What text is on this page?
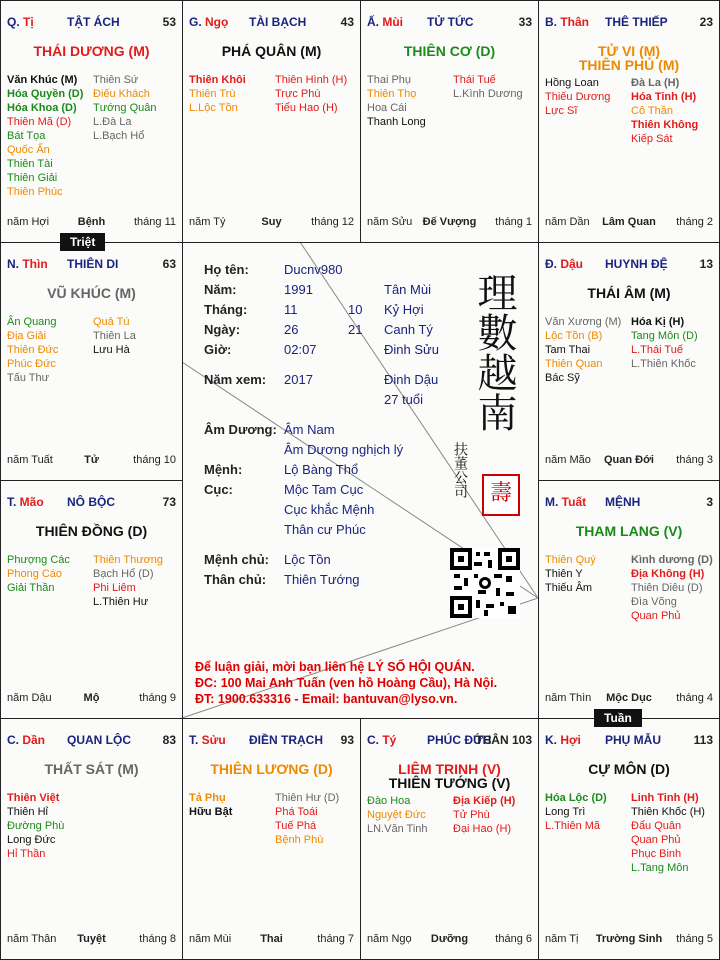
Q. Tị	TẬT ÁCH	53
THÁI DƯƠNG (M)
Văn Khúc (M)
Hóa Quyền (D)
Hóa Khoa (D)
Thiên Mã (D)
Bát Tọa
Quốc Ấn
Thiên Tài
Thiên Giải
Thiên Phúc
Thiên Sứ
Điếu Khách
Tướng Quân
L.Đà La
L.Bạch Hổ
năm Hợi	Bệnh	tháng 11
G. Ngọ TÀI BẠCH	43
PHÁ QUÂN (M)
Thiên Khôi
Thiên Trù
L.Lộc Tồn
Thiên Hình (H)
Trực Phù
Tiểu Hao (H)
năm Tý	Suy	tháng 12
Ấ. Mùi TỬ TỨC	33
THIÊN CƠ (D)
Thai Phụ
Thiên Thọ
Hoa Cái
Thanh Long
Thái Tuế
L.Kình Dương
năm Sửu Đế Vượng	tháng 1
B. Thân THÊ THIẾP	23
TỬ VI (M)
THIÊN PHỦ (M)
Hồng Loan
Thiếu Dương
Lực Sĩ
Đà La (H)
Hóa Tinh (H)
Cô Thần
Thiên Không
Kiếp Sát
năm Dần	Lâm Quan	tháng 2
N. Thìn THIÊN DI	63
VŨ KHÚC (M)
Ân Quang
Địa Giải
Thiên Đức
Phúc Đức
Tấu Thư
Quả Tú
Thiên La
Lưu Hà
năm Tuất	Tử	tháng 10
Đ. Dậu HUYNH ĐỆ	13
THÁI ÂM (M)
Văn Xương (M)
Lộc Tồn (B)
Tam Thai
Thiên Quan
Bác Sỹ
Hóa Kị (H)
Tang Môn (D)
L.Thái Tuế
L.Thiên Khốc
năm Mão	Quan Đới	tháng 3
T. Mão NÔ BỘC	73
THIÊN ĐỒNG (D)
Phượng Các
Phong Cáo
Giải Thần
Thiên Thương
Bạch Hổ (D)
Phi Liêm
L.Thiên Hư
năm Dậu	Mộ	tháng 9
M. Tuất MỆNH	3
THAM LANG (V)
Thiên Quý
Thiên Y
Thiếu Âm
Kình dương (D)
Địa Không (H)
Thiên Diêu (D)
Đìa Võng
Quan Phủ
năm Thìn	Mộc Dục	tháng 4
C. Dần QUAN LỘC	83
THẤT SÁT (M)
Thiên Việt
Thiên Hỉ
Đường Phù
Long Đức
Hỉ Thần
năm Thân	Tuyệt	tháng 8
T. Sửu ĐIỀN TRẠCH 93
THIÊN LƯƠNG (D)
Tả Phụ
Hữu Bật
Thiên Hư (D)
Phá Toái
Tuế Phá
Bệnh Phù
năm Mùi	Thai	tháng 7
C. Tý	PHÚC ĐỨC
THÂN 103
LIÊM TRINH (V)
THIÊN TƯỚNG (V)
Đào Hoa
Nguyệt Đức
LN.Văn Tinh
Địa Kiếp (H)
Tử Phù
Đại Hao (H)
năm Ngọ	Dưỡng	tháng 6
K. Hợi PHỤ MẪU	113
CỰ MÔN (D)
Hóa Lộc (D)
Long Trì
L.Thiên Mã
Linh Tinh (H)
Thiên Khốc (H)
Đẩu Quân
Quan Phủ
Phục Binh
L.Tang Môn
năm Tị	Trường Sinh	tháng 5
Triệt
Tuần
Họ tên:	Ducnv980
Năm:	1991	Tân Mùi
Tháng:	11	10 Kỷ Hợi
Ngày:	26	21 Canh Tý
Giờ:	02:07	Đinh Sửu
Năm xem: 2017	Đinh Dậu
27 tuổi
Âm Dương: Âm Nam
Âm Dương nghịch lý
Mệnh:	Lộ Bàng Thổ
Cục:	Mộc Tam Cục
Cục khắc Mệnh
Thân cư Phúc
Mệnh chủ: Lộc Tồn
Thân chủ: Thiên Tướng
理數越南
扶董公司 壽
Để luận giải, mời bạn liên hệ LÝ SỐ HỘI QUÁN.
ĐC: 100 Mai Anh Tuấn (ven hồ Hoàng Cầu), Hà Nội.
ĐT: 1900.633316 - Email: bantuvan@lyso.vn.
